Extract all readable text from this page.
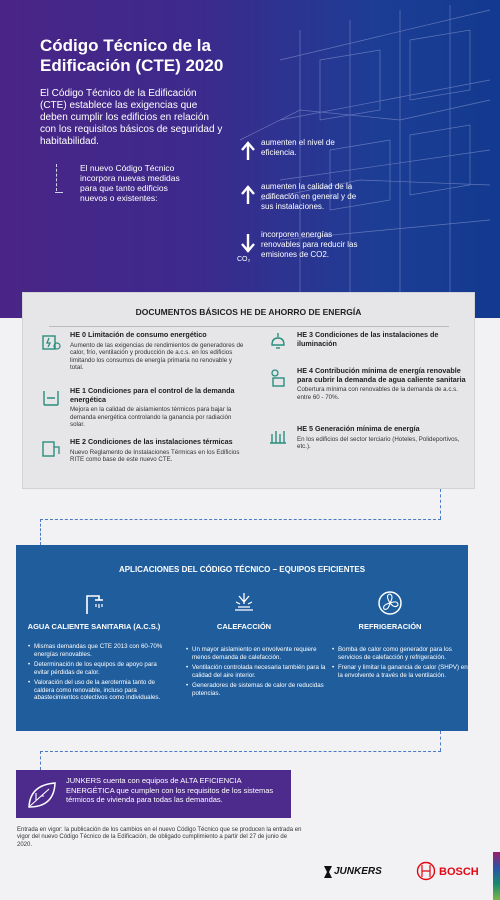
Código Técnico de la Edificación (CTE) 2020
El Código Técnico de la Edificación (CTE) establece las exigencias que deben cumplir los edificios en relación con los requisitos básicos de seguridad y habitabilidad.
El nuevo Código Técnico incorpora nuevas medidas para que tanto edificios nuevos o existentes:
aumenten el nivel de eficiencia.
aumenten la calidad de la edificación en general y de sus instalaciones.
CO₂
incorporen energías renovables para reducir las emisiones de CO2.
DOCUMENTOS BÁSICOS HE DE AHORRO DE ENERGÍA
HE 0 Limitación de consumo energético
Aumento de las exigencias de rendimientos de generadores de calor, frío, ventilación y producción de a.c.s. en los edificios limitando los consumos de energía primaria no renovable y total.
HE 1 Condiciones para el control de la demanda energética
Mejora en la calidad de aislamientos térmicos para bajar la demanda energética controlando la ganancia por radiación solar.
HE 2 Condiciones de las instalaciones térmicas
Nuevo Reglamento de Instalaciones Térmicas en los Edificios RITE como base de este nuevo CTE.
HE 3 Condiciones de las instalaciones de iluminación
HE 4 Contribución mínima de energía renovable para cubrir la demanda de agua caliente sanitaria
Cobertura mínima con renovables de la demanda de a.c.s. entre 60 - 70%.
HE 5 Generación mínima de energía
En los edificios del sector terciario (Hoteles, Polideportivos, etc.).
APLICACIONES DEL CÓDIGO TÉCNICO – EQUIPOS EFICIENTES
AGUA CALIENTE SANITARIA (A.C.S.)
• Mismas demandas que CTE 2013 con 60-70% energías renovables.
• Determinación de los equipos de apoyo para evitar pérdidas de calor.
• Valoración del uso de la aerotermia tanto de caldera como renovable, incluso para abastecimientos colectivos como individuales.
CALEFACCIÓN
• Un mayor aislamiento en envolvente requiere menos demanda de calefacción.
• Ventilación controlada necesaria también para la calidad del aire interior.
• Generadores de sistemas de calor de reducidas potencias.
REFRIGERACIÓN
• Bomba de calor como generador para los servicios de calefacción y refrigeración.
• Frenar y limitar la ganancia de calor (SHPV) en la envolvente a través de la ventilación.
JUNKERS cuenta con equipos de ALTA EFICIENCIA ENERGÉTICA que cumplen con los requisitos de los sistemas térmicos de vivienda para todas las demandas.
Entrada en vigor: la publicación de los cambios en el nuevo Código Técnico que se producen la entrada en vigor del nuevo Código Técnico de la Edificación, de obligado cumplimiento a partir del 27 de junio de 2020.
JUNKERS	BOSCH
